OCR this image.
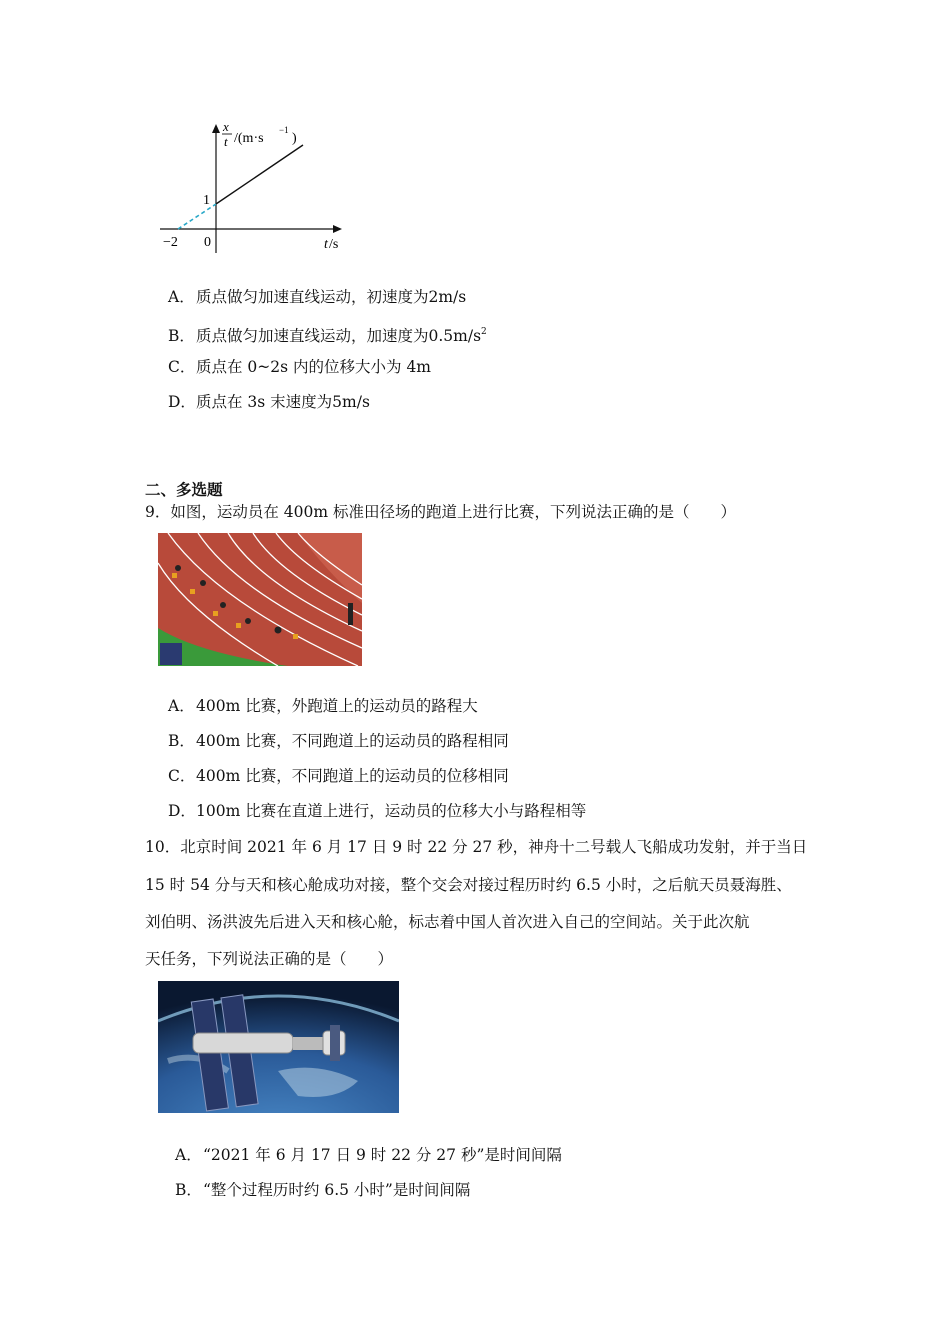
x
t /(m·s
−1
)
1
0
−2	t /s
A．质点做匀加速直线运动，初速度为2m/s
B．质点做匀加速直线运动，加速度为$0.5m/s^2$
C．质点在 0~2s 内的位移大小为 4m
D．质点在 3s 末速度为5m/s
二、多选题
9．如图，运动员在 400m 标准田径场的跑道上进行比赛，下列说法正确的是（　　）
A．400m 比赛，外跑道上的运动员的路程大
B．400m 比赛，不同跑道上的运动员的路程相同
C．400m 比赛，不同跑道上的运动员的位移相同
D．100m 比赛在直道上进行，运动员的位移大小与路程相等
10．北京时间 2021 年 6 月 17 日 9 时 22 分 27 秒，神舟十二号载人飞船成功发射，并于当日
15 时 54 分与天和核心舱成功对接，整个交会对接过程历时约 6.5 小时，之后航天员聂海胜、
刘伯明、汤洪波先后进入天和核心舱，标志着中国人首次进入自己的空间站。关于此次航
天任务，下列说法正确的是（　　）
A．“2021 年 6 月 17 日 9 时 22 分 27 秒”是时间间隔
B．“整个过程历时约 6.5 小时”是时间间隔
